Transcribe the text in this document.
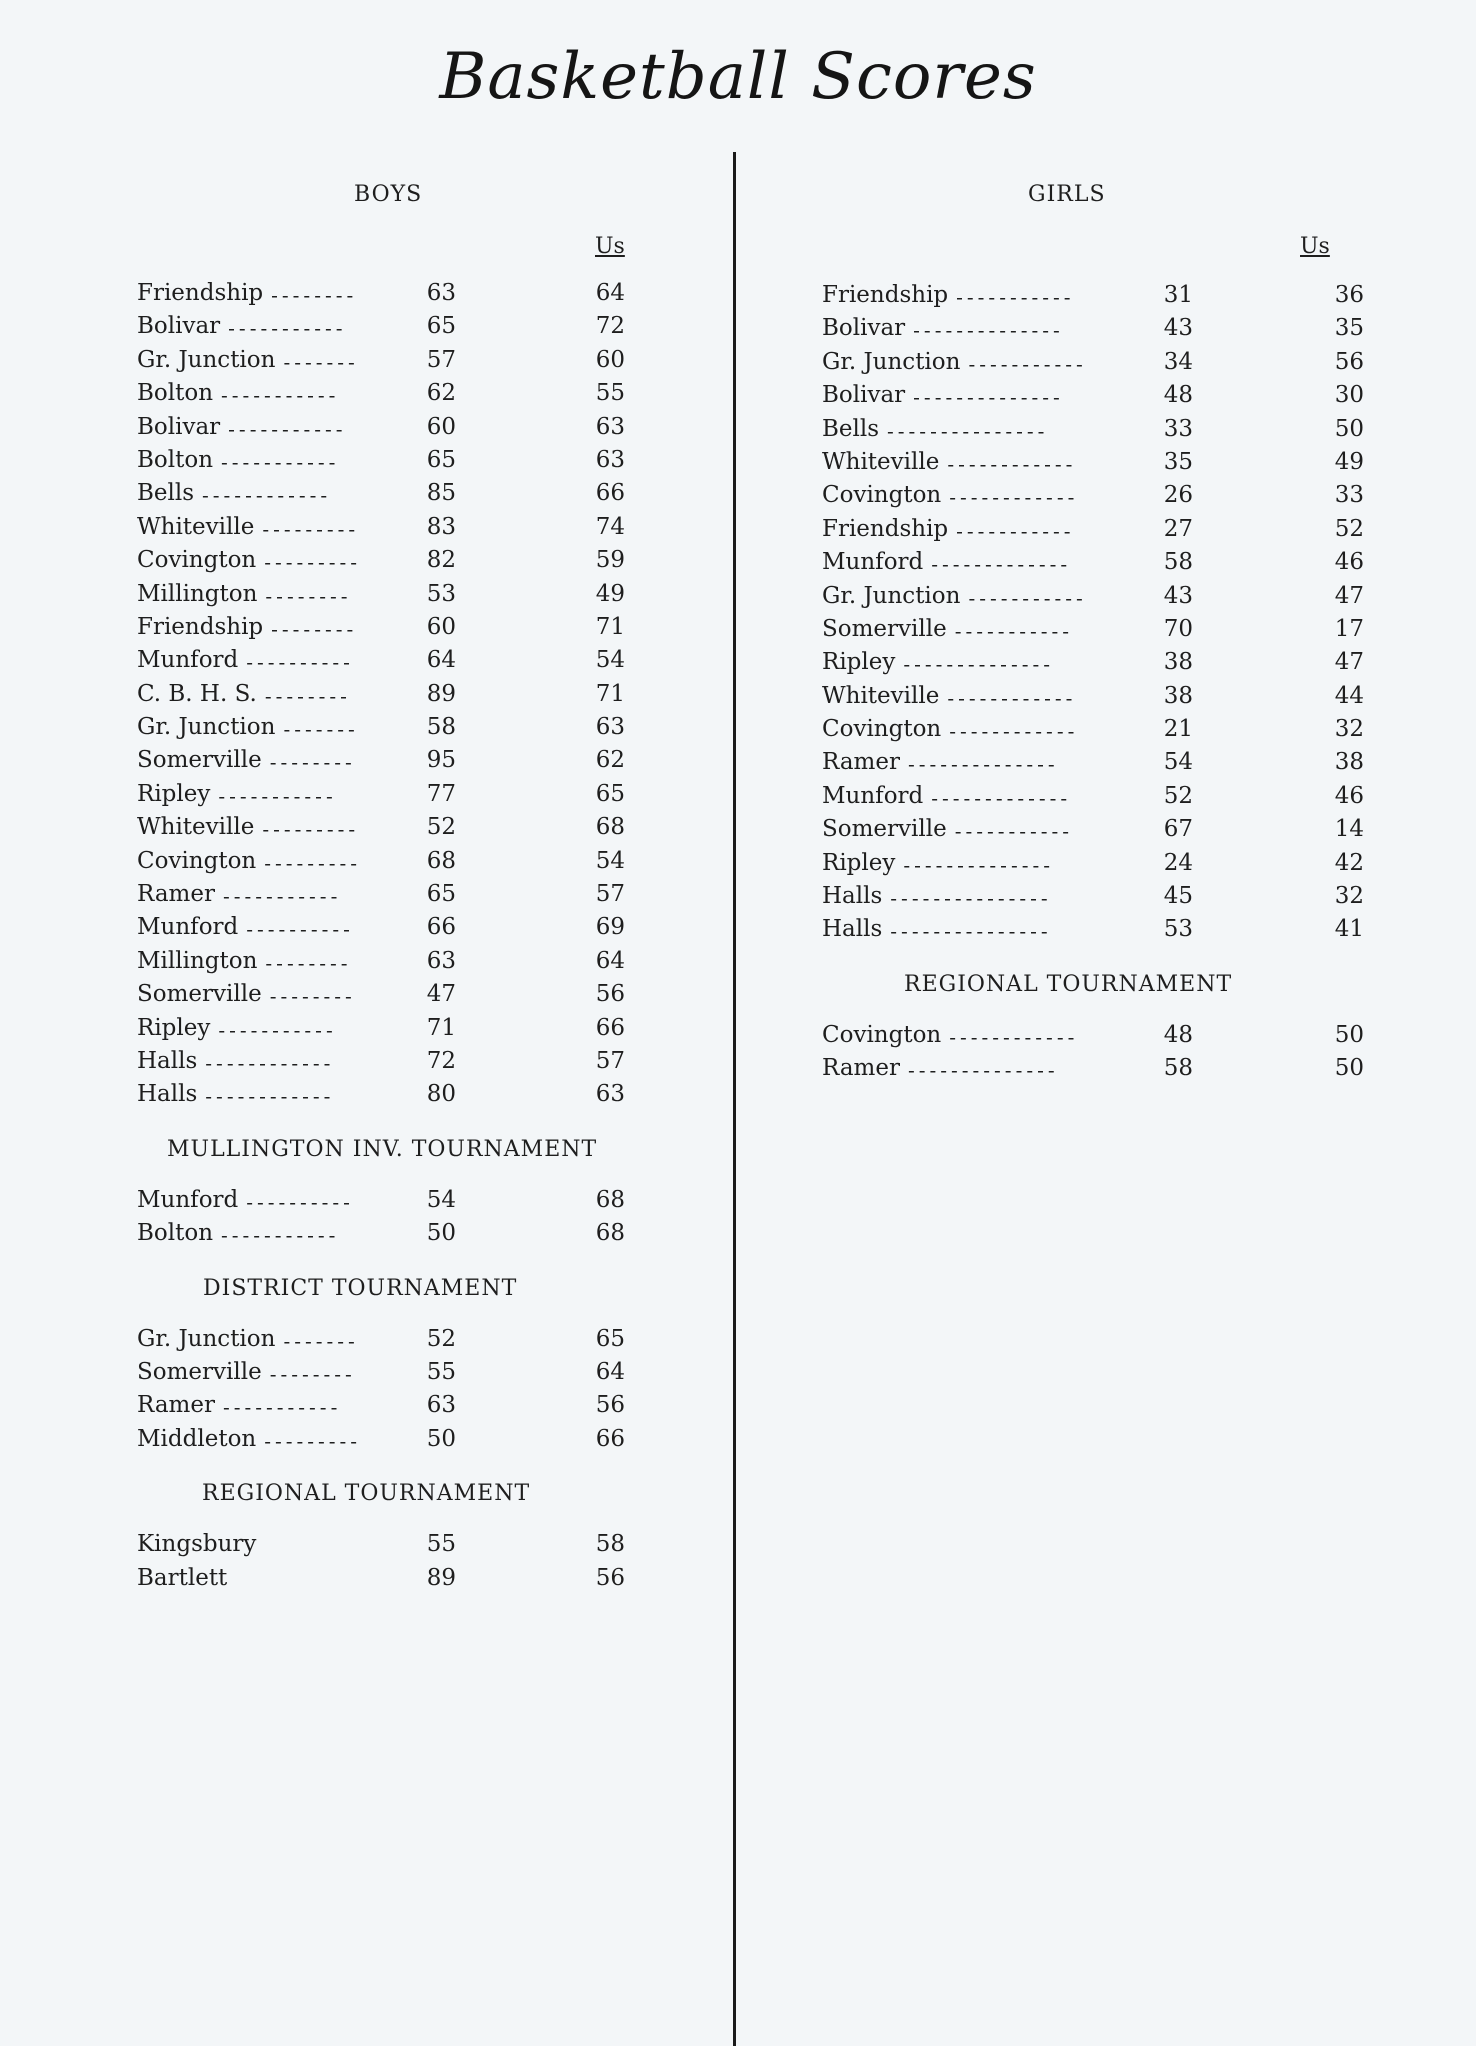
Basketball Scores
BOYS
Us
Friendship	63	64
--------
Bolivar	65	72
-----------
Gr. Junction	57	60
-------
Bolton	62	55
-----------
Bolivar	60	63
-----------
Bolton	65	63
-----------
Bells	85	66
------------
Whiteville	83	74
---------
Covington	82	59
---------
Millington	53	49
--------
Friendship	60	71
--------
Munford	64	54
----------
C. B. H. S.	89	71
--------
Gr. Junction	58	63
-------
Somerville	95	62
--------
Ripley	77	65
-----------
Whiteville	52	68
---------
Covington	68	54
---------
Ramer	65	57
-----------
Munford	66	69
----------
Millington	63	64
--------
Somerville	47	56
--------
Ripley	71	66
-----------
Halls	72	57
------------
Halls	80	63
------------
MULLINGTON INV. TOURNAMENT
Munford	54	68
----------
Bolton	50	68
-----------
DISTRICT TOURNAMENT
Gr. Junction	52	65
-------
Somerville	55	64
--------
Ramer	63	56
-----------
Middleton	50	66
---------
REGIONAL TOURNAMENT
Kingsbury	55	58
Bartlett	89	56
GIRLS
Us
Friendship	31	36
-----------
Bolivar	43	35
--------------
Gr. Junction	34	56
-----------
Bolivar	48	30
--------------
Bells	33	50
---------------
Whiteville	35	49
------------
Covington	26	33
------------
Friendship	27	52
-----------
Munford	58	46
-------------
Gr. Junction	43	47
-----------
Somerville	70	17
-----------
Ripley	38	47
--------------
Whiteville	38	44
------------
Covington	21	32
------------
Ramer	54	38
--------------
Munford	52	46
-------------
Somerville	67	14
-----------
Ripley	24	42
--------------
Halls	45	32
---------------
Halls	53	41
---------------
REGIONAL TOURNAMENT
Covington	48	50
------------
Ramer	58	50
--------------
